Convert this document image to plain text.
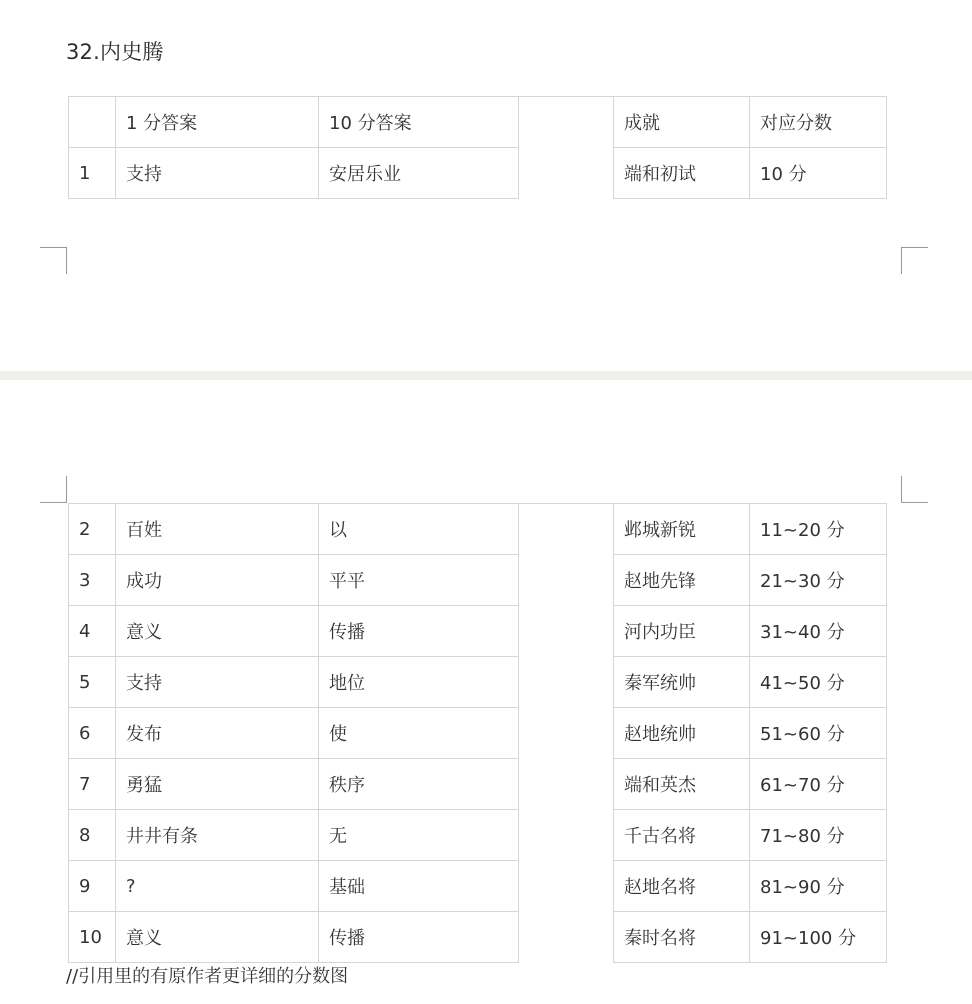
32.内史腾
	1 分答案	10 分答案		成就	对应分数
1	支持	安居乐业		端和初试	10 分
2	百姓	以		邺城新锐	11~20 分
3	成功	平平		赵地先锋	21~30 分
4	意义	传播		河内功臣	31~40 分
5	支持	地位		秦军统帅	41~50 分
6	发布	使		赵地统帅	51~60 分
7	勇猛	秩序		端和英杰	61~70 分
8	井井有条	无		千古名将	71~80 分
9	?	基础		赵地名将	81~90 分
10	意义	传播		秦时名将	91~100 分
//引用里的有原作者更详细的分数图
